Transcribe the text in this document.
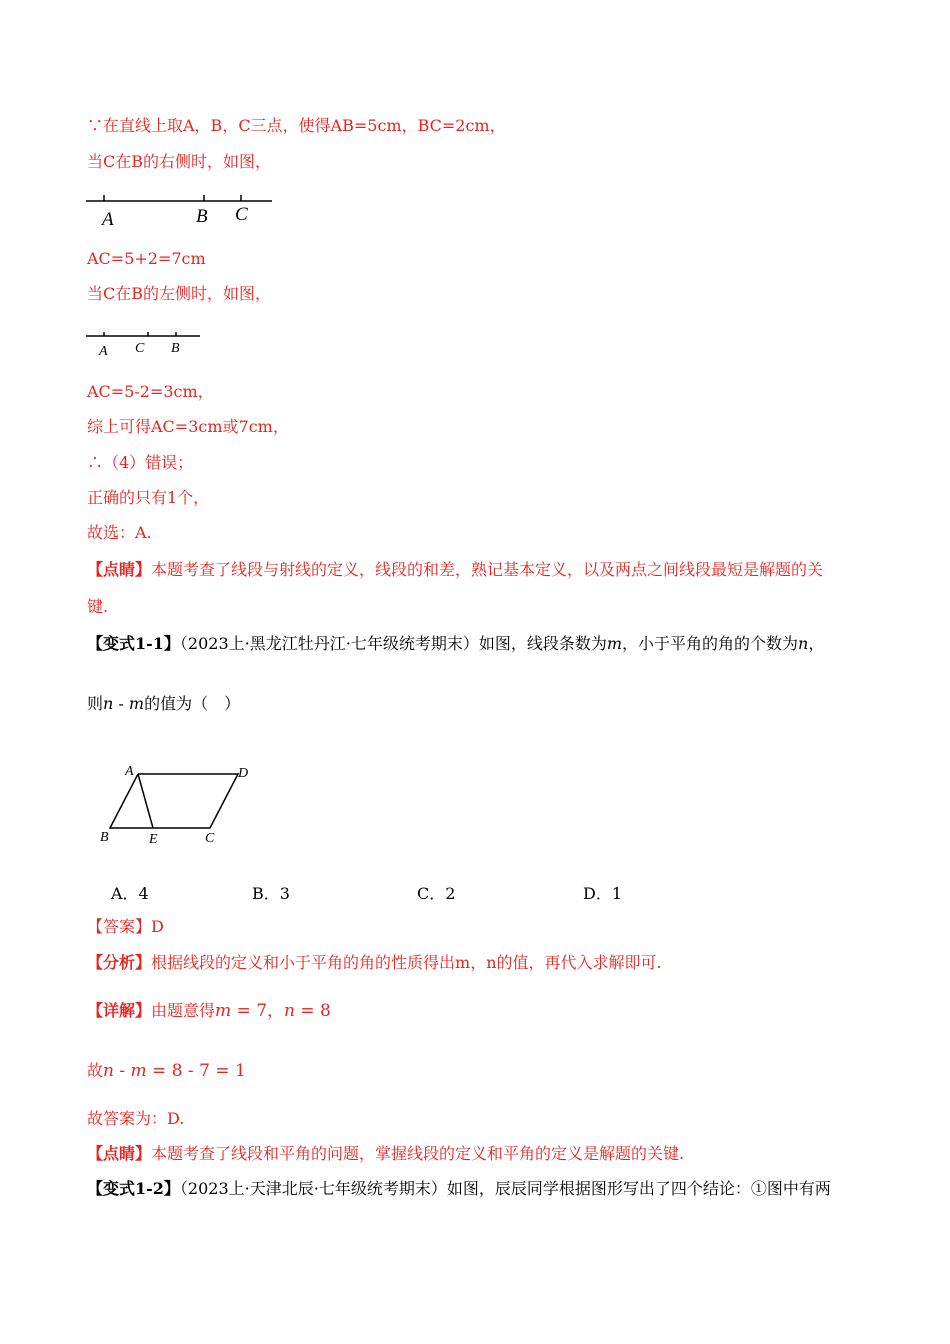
∵在直线上取A，B，C三点，使得AB=5cm，BC=2cm，
当C在B的右侧时，如图，
A	B C
AC=5+2=7cm
当C在B的左侧时，如图，
A C B
AC=5-2=3cm，
综上可得AC=3cm或7cm，
∴（4）错误；
正确的只有1个，
故选：A.
【点睛】本题考查了线段与射线的定义，线段的和差，熟记基本定义，以及两点之间线段最短是解题的关
键.
【变式1-1】（2023上·黑龙江牡丹江·七年级统考期末）如图，线段条数为m，小于平角的角的个数为n，
则n - m的值为（　）
A	D
B	E	C
A．4	B．3	C．2	D．1
【答案】D
【分析】根据线段的定义和小于平角的角的性质得出m，n的值，再代入求解即可.
【详解】由题意得m = 7，n = 8
故n - m = 8 - 7 = 1
故答案为：D.
【点睛】本题考查了线段和平角的问题，掌握线段的定义和平角的定义是解题的关键.
【变式1-2】（2023上·天津北辰·七年级统考期末）如图，辰辰同学根据图形写出了四个结论：①图中有两
